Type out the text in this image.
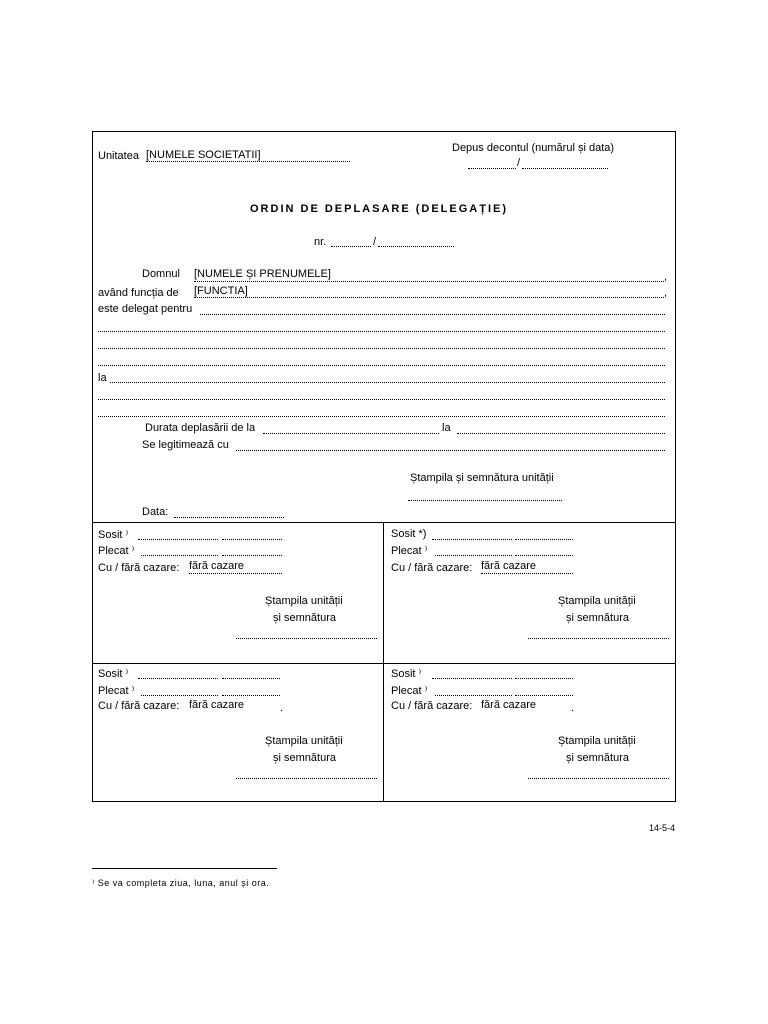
Unitatea [NUMELE SOCIETATII]
Depus decontul (numărul și data)
/
ORDIN DE DEPLASARE (DELEGAȚIE)
nr.	/
Domnul [NUMELE ȘI PRENUMELE]	,
având funcția de [FUNCTIA]	,
este delegat pentru
la
Durata deplasării de la	la
Se legitimează cu
Ștampila și semnătura unității
Data:
Sosit ⁾
Plecat ⁾
Cu / fără cazare: fără cazare
Ștampila unității
și semnătura
Sosit *)
Plecat ⁾
Cu / fără cazare: fără cazare
Ștampila unității
și semnătura
Sosit ⁾
Plecat ⁾
Cu / fără cazare: fără cazare	.
Ștampila unității
și semnătura
Sosit ⁾
Plecat ⁾
Cu / fără cazare: fără cazare	.
Ștampila unității
și semnătura
14-5-4
⁾ Se va completa ziua, luna, anul și ora.
